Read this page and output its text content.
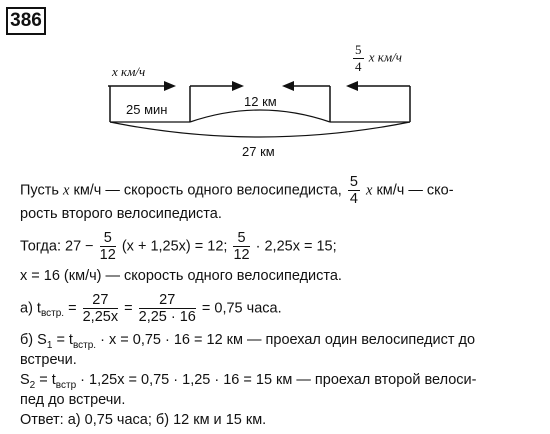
386
x км/ч	$\frac{5}{4}$ x км/ч
25 мин
12 км
27 км
Пусть x км/ч — скорость одного велосипедиста, $\frac{5}{4}$ x км/ч — ско-
рость второго велосипедиста.
Тогда: $27 - \frac{5}{12} (x + 1,25x) = 12$; $\frac{5}{12} \cdot 2,25x = 15$;
x = 16 (км/ч) — скорость одного велосипедиста.
а) $t_{встр.} = \frac{27}{2,25x} = \frac{27}{2,25 \cdot 16} = 0,75$ часа.
б) $S_1 = t_{встр.} \cdot x = 0,75 \cdot 16 = 12$ км — проехал один велосипедист до
встречи.
$S_2 = t_{встр} \cdot 1,25x = 0,75 \cdot 1,25 \cdot 16 = 15$ км — проехал второй велоси-
пед до встречи.
Ответ: а) 0,75 часа; б) 12 км и 15 км.
